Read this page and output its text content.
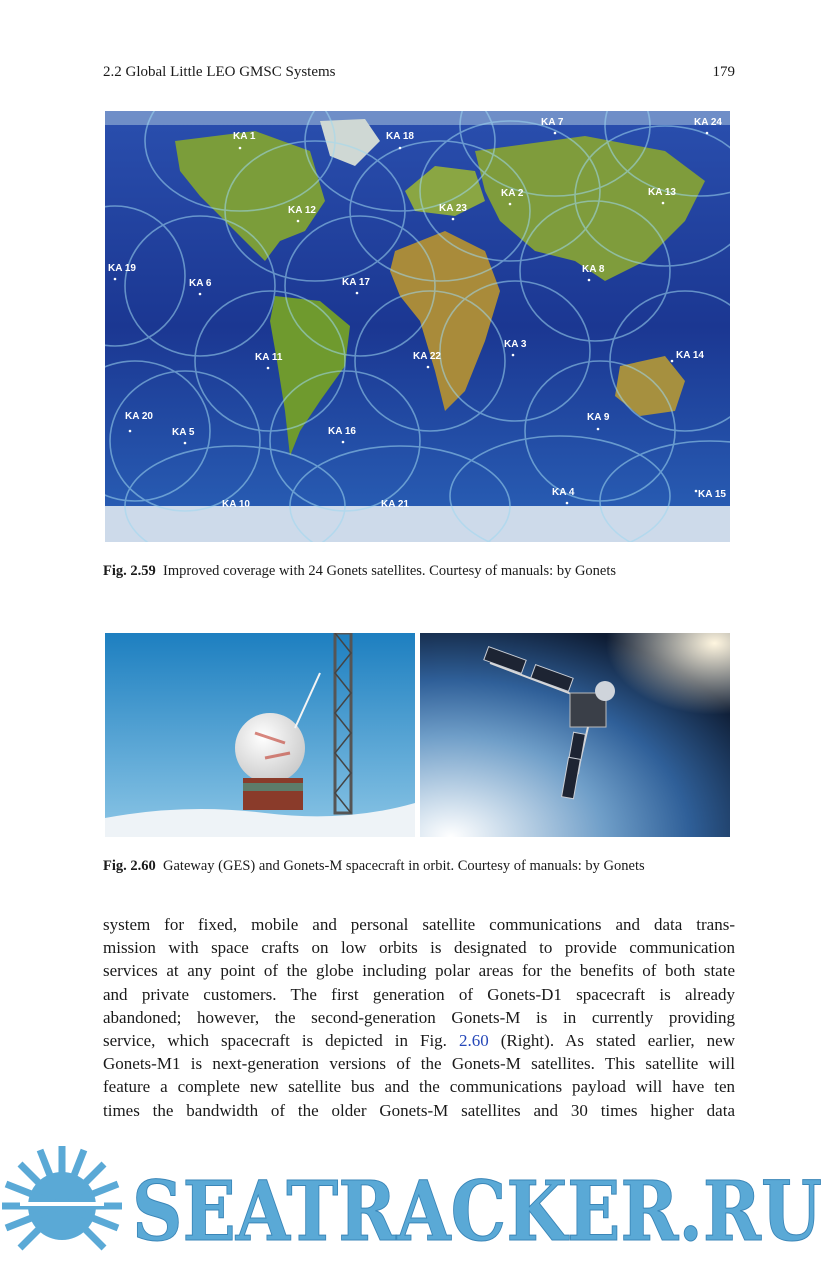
2.2 Global Little LEO GMSC Systems	179
KA 1	KA 18
KA 7	KA 24
KA 2	KA 13
KA 12	KA 23
KA 19
KA 6	KA 17
KA 8
KA 3
KA 14
KA 11	KA 22
KA 20
KA 5	KA 16
KA 9
KA 4	KA 15
KA 10	KA 21
Fig. 2.59 Improved coverage with 24 Gonets satellites. Courtesy of manuals: by Gonets
Fig. 2.60 Gateway (GES) and Gonets-M spacecraft in orbit. Courtesy of manuals: by Gonets
system for fixed, mobile and personal satellite communications and data trans-
mission with space crafts on low orbits is designated to provide communication
services at any point of the globe including polar areas for the benefits of both state
and private customers. The first generation of Gonets-D1 spacecraft is already
abandoned; however, the second-generation Gonets-M is in currently providing
service, which spacecraft is depicted in Fig. 2.60 (Right). As stated earlier, new
Gonets-M1 is next-generation versions of the Gonets-M satellites. This satellite will
feature a complete new satellite bus and the communications payload will have ten
times the bandwidth of the older Gonets-M satellites and 30 times higher data
SEATRACKER.RU
